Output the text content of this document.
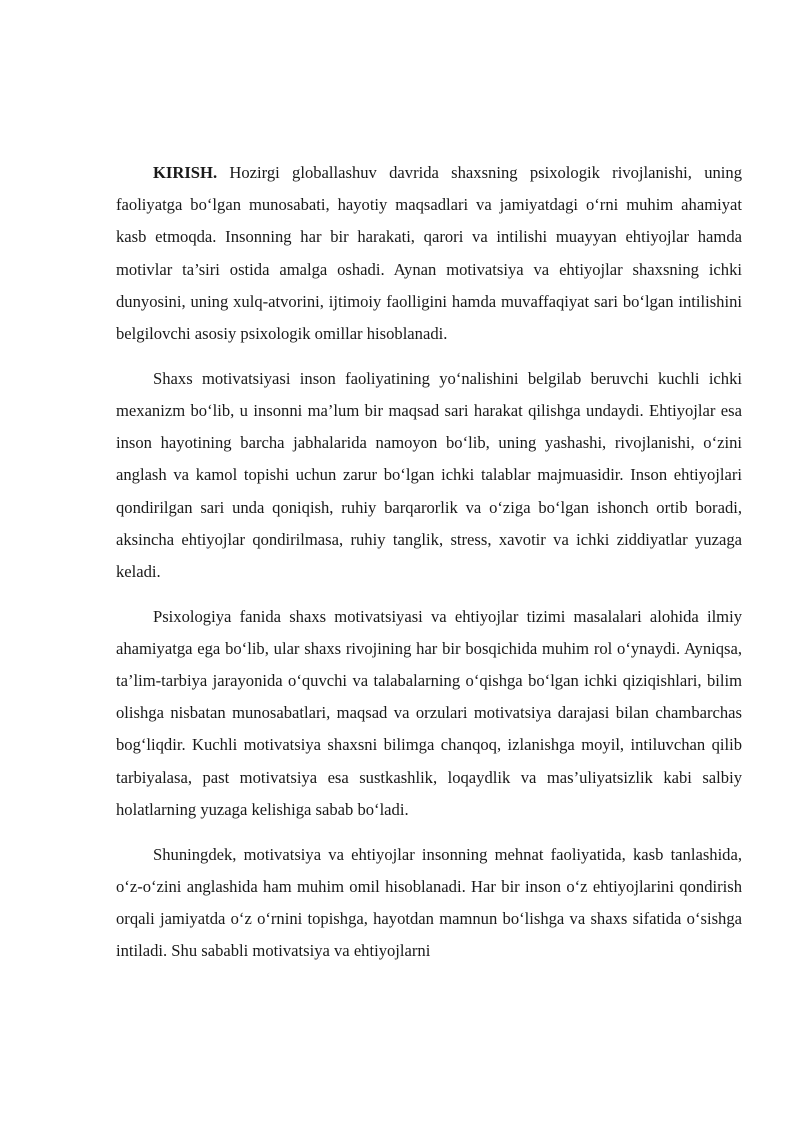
KIRISH. Hozirgi globallashuv davrida shaxsning psixologik rivojlanishi, uning faoliyatga bo‘lgan munosabati, hayotiy maqsadlari va jamiyatdagi o‘rni muhim ahamiyat kasb etmoqda. Insonning har bir harakati, qarori va intilishi muayyan ehtiyojlar hamda motivlar ta’siri ostida amalga oshadi. Aynan motivatsiya va ehtiyojlar shaxsning ichki dunyosini, uning xulq-atvorini, ijtimoiy faolligini hamda muvaffaqiyat sari bo‘lgan intilishini belgilovchi asosiy psixologik omillar hisoblanadi.

Shaxs motivatsiyasi inson faoliyatining yo‘nalishini belgilab beruvchi kuchli ichki mexanizm bo‘lib, u insonni ma’lum bir maqsad sari harakat qilishga undaydi. Ehtiyojlar esa inson hayotining barcha jabhalarida namoyon bo‘lib, uning yashashi, rivojlanishi, o‘zini anglash va kamol topishi uchun zarur bo‘lgan ichki talablar majmuasidir. Inson ehtiyojlari qondirilgan sari unda qoniqish, ruhiy barqarorlik va o‘ziga bo‘lgan ishonch ortib boradi, aksincha ehtiyojlar qondirilmasa, ruhiy tanglik, stress, xavotir va ichki ziddiyatlar yuzaga keladi.

Psixologiya fanida shaxs motivatsiyasi va ehtiyojlar tizimi masalalari alohida ilmiy ahamiyatga ega bo‘lib, ular shaxs rivojining har bir bosqichida muhim rol o‘ynaydi. Ayniqsa, ta’lim-tarbiya jarayonida o‘quvchi va talabalarning o‘qishga bo‘lgan ichki qiziqishlari, bilim olishga nisbatan munosabatlari, maqsad va orzulari motivatsiya darajasi bilan chambarchas bog‘liqdir. Kuchli motivatsiya shaxsni bilimga chanqoq, izlanishga moyil, intiluvchan qilib tarbiyalasa, past motivatsiya esa sustkashlik, loqaydlik va mas’uliyatsizlik kabi salbiy holatlarning yuzaga kelishiga sabab bo‘ladi.

Shuningdek, motivatsiya va ehtiyojlar insonning mehnat faoliyatida, kasb tanlashida, o‘z-o‘zini anglashida ham muhim omil hisoblanadi. Har bir inson o‘z ehtiyojlarini qondirish orqali jamiyatda o‘z o‘rnini topishga, hayotdan mamnun bo‘lishga va shaxs sifatida o‘sishga intiladi. Shu sababli motivatsiya va ehtiyojlarni
